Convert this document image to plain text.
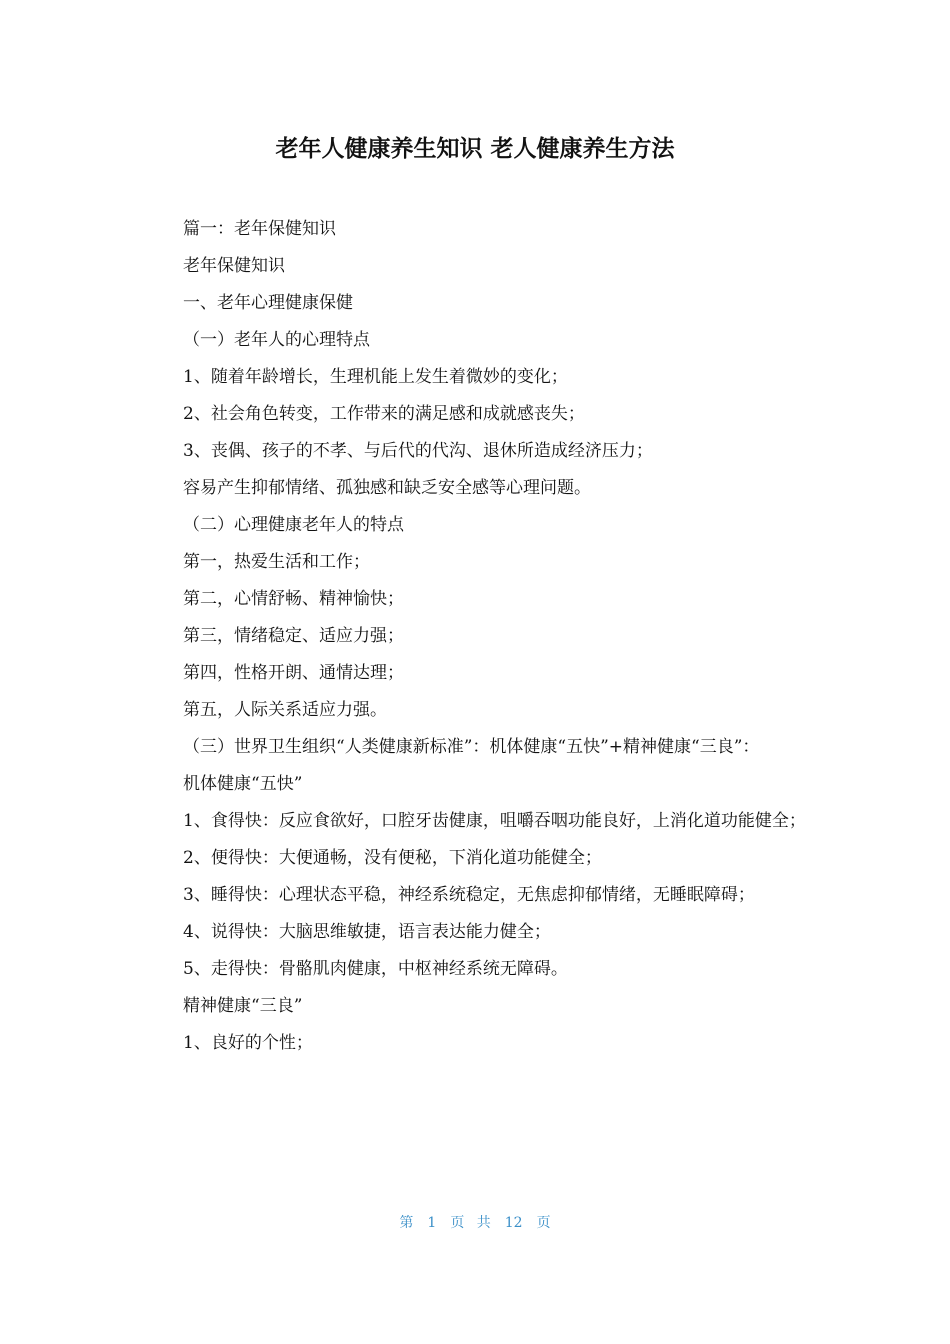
老年人健康养生知识 老人健康养生方法

篇一：老年保健知识

老年保健知识

一、老年心理健康保健

（一）老年人的心理特点

1、随着年龄增长，生理机能上发生着微妙的变化；

2、社会角色转变，工作带来的满足感和成就感丧失；

3、丧偶、孩子的不孝、与后代的代沟、退休所造成经济压力；

容易产生抑郁情绪、孤独感和缺乏安全感等心理问题。

（二）心理健康老年人的特点

第一，热爱生活和工作；

第二，心情舒畅、精神愉快；

第三，情绪稳定、适应力强；

第四，性格开朗、通情达理；

第五，人际关系适应力强。

（三）世界卫生组织“人类健康新标准”：机体健康“五快”+精神健康“三良”：

机体健康“五快”

1、食得快：反应食欲好，口腔牙齿健康，咀嚼吞咽功能良好，上消化道功能健全；

2、便得快：大便通畅，没有便秘，下消化道功能健全；

3、睡得快：心理状态平稳，神经系统稳定，无焦虑抑郁情绪，无睡眠障碍；

4、说得快：大脑思维敏捷，语言表达能力健全；

5、走得快：骨骼肌肉健康，中枢神经系统无障碍。

精神健康“三良”

1、良好的个性；

第 1 页 共 12 页
